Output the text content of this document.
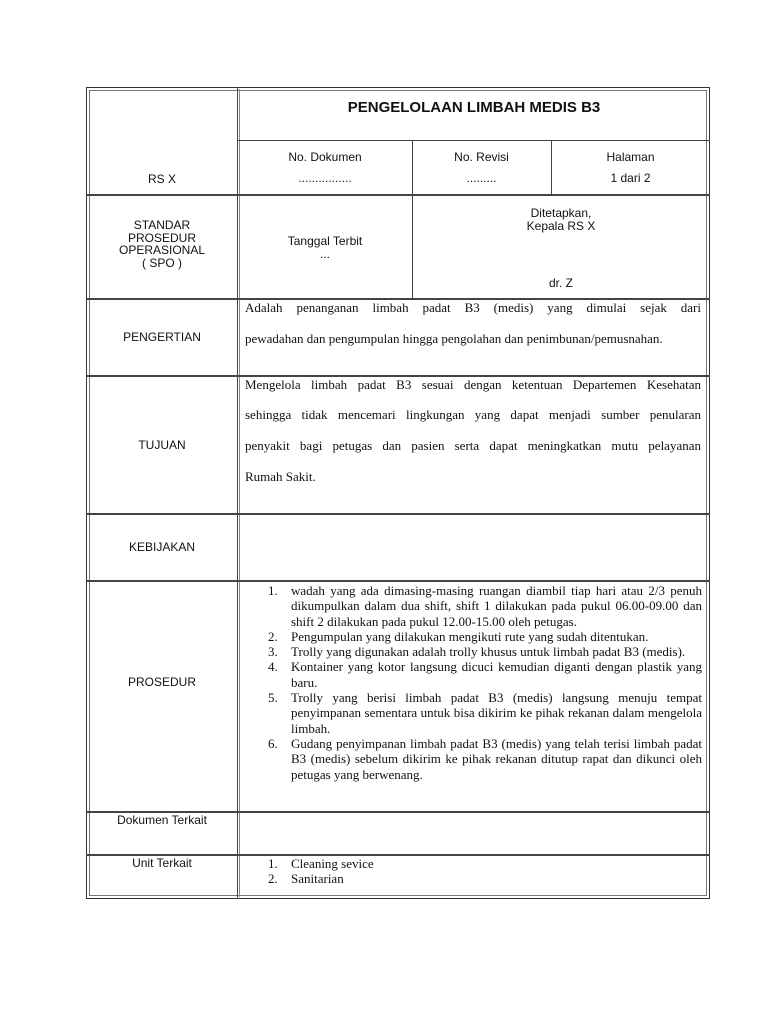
PENGELOLAAN LIMBAH MEDIS B3
RS X
No. Dokumen
................
No. Revisi
.........
Halaman
1 dari 2
STANDAR
PROSEDUR
OPERASIONAL
( SPO )
Tanggal Terbit
...
Ditetapkan,
Kepala RS X
dr. Z
PENGERTIAN
Adalah penanganan limbah padat B3 (medis) yang dimulai sejak dari
pewadahan dan pengumpulan hingga pengolahan dan penimbunan/pemusnahan.
TUJUAN
Mengelola limbah padat B3 sesuai dengan ketentuan Departemen Kesehatan
sehingga tidak mencemari lingkungan yang dapat menjadi sumber penularan
penyakit bagi petugas dan pasien serta dapat meningkatkan mutu pelayanan
Rumah Sakit.
KEBIJAKAN
PROSEDUR
1. wadah yang ada dimasing-masing ruangan diambil tiap hari atau 2/3 penuh dikumpulkan dalam dua shift, shift 1 dilakukan pada pukul 06.00-09.00 dan shift 2 dilakukan pada pukul 12.00-15.00 oleh petugas.
2. Pengumpulan yang dilakukan mengikuti rute yang sudah ditentukan.
3. Trolly yang digunakan adalah trolly khusus untuk limbah padat B3 (medis).
4. Kontainer yang kotor langsung dicuci kemudian diganti dengan plastik yang baru.
5. Trolly yang berisi limbah padat B3 (medis) langsung menuju tempat penyimpanan sementara untuk bisa dikirim ke pihak rekanan dalam mengelola limbah.
6. Gudang penyimpanan limbah padat B3 (medis) yang telah terisi limbah padat B3 (medis) sebelum dikirim ke pihak rekanan ditutup rapat dan dikunci oleh petugas yang berwenang.
Dokumen Terkait
Unit Terkait	1. Cleaning sevice
2. Sanitarian
